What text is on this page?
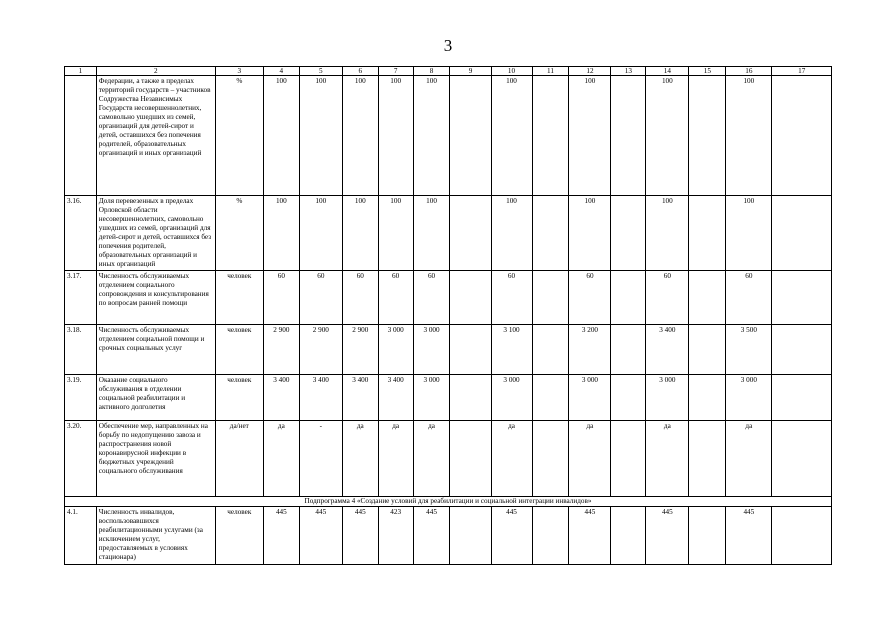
3
1	2	3	4	5	6	7	8	9	10	11	12	13	14	15	16	17
	Федерации, а также в пределах территорий государств – участников Содружества Независимых Государств несовершеннолетних, самовольно ушедших из семей, организаций для детей-сирот и детей, оставшихся без попечения родителей, образовательных организаций и иных организаций	%	100	100	100	100	100		100		100		100		100	
3.16.	Доля перевезенных в пределах Орловской области несовершеннолетних, самовольно ушедших из семей, организаций для детей-сирот и детей, оставшихся без попечения родителей, образовательных организаций и иных организаций	%	100	100	100	100	100		100		100		100		100	
3.17.	Численность обслуживаемых отделением социального сопровождения и консультирования по вопросам ранней помощи	человек	60	60	60	60	60		60		60		60		60	
3.18.	Численность обслуживаемых отделением социальной помощи и срочных социальных услуг	человек	2 900	2 900	2 900	3 000	3 000		3 100		3 200		3 400		3 500	
3.19.	Оказание социального обслуживания в отделении социальной реабилитации и активного долголетия	человек	3 400	3 400	3 400	3 400	3 000		3 000		3 000		3 000		3 000	
3.20.	Обеспечение мер, направленных на борьбу по недопущению завоза и распространения новой коронавирусной инфекции в бюджетных учреждений социального обслуживания	да/нет	да	-	да	да	да		да		да		да		да	
Подпрограмма 4 «Создание условий для реабилитации и социальной интеграции инвалидов»																
4.1.	Численность инвалидов, воспользовавшихся реабилитационными услугами (за исключением услуг, предоставляемых в условиях стационара)	человек	445	445	445	423	445		445		445		445		445	
